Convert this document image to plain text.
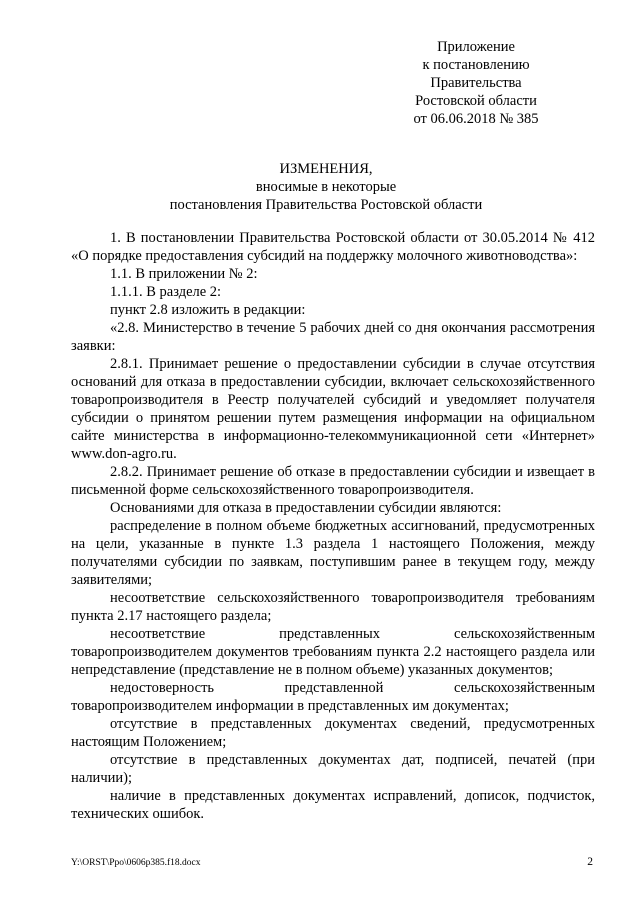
Приложение
к постановлению
Правительства
Ростовской области
от 06.06.2018 № 385
ИЗМЕНЕНИЯ,
вносимые в некоторые
постановления Правительства Ростовской области

1. В постановлении Правительства Ростовской области от 30.05.2014 № 412 «О порядке предоставления субсидий на поддержку молочного животноводства»:

1.1. В приложении № 2:

1.1.1. В разделе 2:

пункт 2.8 изложить в редакции:

«2.8. Министерство в течение 5 рабочих дней со дня окончания рассмотрения заявки:

2.8.1. Принимает решение о предоставлении субсидии в случае отсутствия оснований для отказа в предоставлении субсидии, включает сельскохозяйственного товаропроизводителя в Реестр получателей субсидий и уведомляет получателя субсидии о принятом решении путем размещения информации на официальном сайте министерства в информационно-телекоммуникационной сети «Интернет» www.don-agro.ru.

2.8.2. Принимает решение об отказе в предоставлении субсидии и извещает в письменной форме сельскохозяйственного товаропроизводителя.

Основаниями для отказа в предоставлении субсидии являются:

распределение в полном объеме бюджетных ассигнований, предусмотренных на цели, указанные в пункте 1.3 раздела 1 настоящего Положения, между получателями субсидии по заявкам, поступившим ранее в текущем году, между заявителями;

несоответствие сельскохозяйственного товаропроизводителя требованиям пункта 2.17 настоящего раздела;

несоответствие представленных сельскохозяйственным товаропроизводителем документов требованиям пункта 2.2 настоящего раздела или непредставление (представление не в полном объеме) указанных документов;

недостоверность представленной сельскохозяйственным товаропроизводителем информации в представленных им документах;

отсутствие в представленных документах сведений, предусмотренных настоящим Положением;

отсутствие в представленных документах дат, подписей, печатей (при наличии);

наличие в представленных документах исправлений, дописок, подчисток, технических ошибок.

Y:\ORST\Ppo\0606p385.f18.docx	2
